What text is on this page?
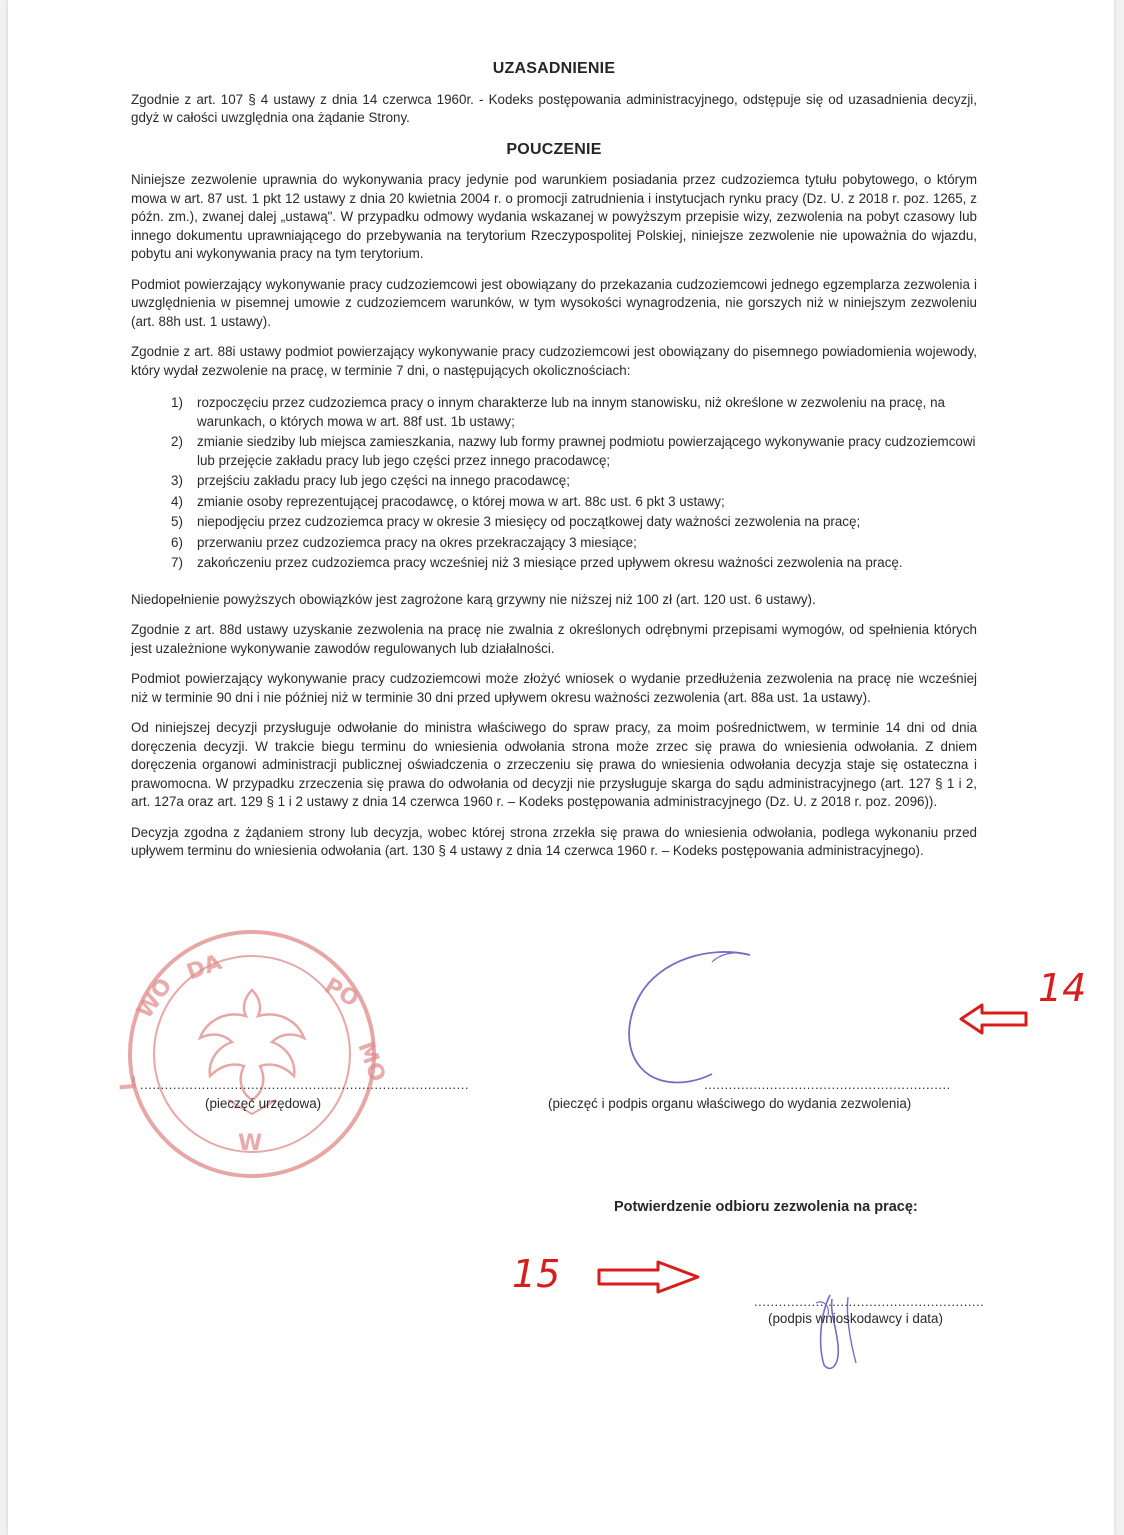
UZASADNIENIE

Zgodnie z art. 107 § 4 ustawy z dnia 14 czerwca 1960r. - Kodeks postępowania administracyjnego, odstępuje się od uzasadnienia decyzji, gdyż w całości uwzględnia ona żądanie Strony.

POUCZENIE

Niniejsze zezwolenie uprawnia do wykonywania pracy jedynie pod warunkiem posiadania przez cudzoziemca tytułu pobytowego, o którym mowa w art. 87 ust. 1 pkt 12 ustawy z dnia 20 kwietnia 2004 r. o promocji zatrudnienia i instytucjach rynku pracy (Dz. U. z 2018 r. poz. 1265, z późn. zm.), zwanej dalej „ustawą". W przypadku odmowy wydania wskazanej w powyższym przepisie wizy, zezwolenia na pobyt czasowy lub innego dokumentu uprawniającego do przebywania na terytorium Rzeczypospolitej Polskiej, niniejsze zezwolenie nie upoważnia do wjazdu, pobytu ani wykonywania pracy na tym terytorium.

Podmiot powierzający wykonywanie pracy cudzoziemcowi jest obowiązany do przekazania cudzoziemcowi jednego egzemplarza zezwolenia i uwzględnienia w pisemnej umowie z cudzoziemcem warunków, w tym wysokości wynagrodzenia, nie gorszych niż w niniejszym zezwoleniu (art. 88h ust. 1 ustawy).

Zgodnie z art. 88i ustawy podmiot powierzający wykonywanie pracy cudzoziemcowi jest obowiązany do pisemnego powiadomienia wojewody, który wydał zezwolenie na pracę, w terminie 7 dni, o następujących okolicznościach:

1) rozpoczęciu przez cudzoziemca pracy o innym charakterze lub na innym stanowisku, niż określone w zezwoleniu na pracę, na warunkach, o których mowa w art. 88f ust. 1b ustawy;
2) zmianie siedziby lub miejsca zamieszkania, nazwy lub formy prawnej podmiotu powierzającego wykonywanie pracy cudzoziemcowi lub przejęcie zakładu pracy lub jego części przez innego pracodawcę;
3) przejściu zakładu pracy lub jego części na innego pracodawcę;
4) zmianie osoby reprezentującej pracodawcę, o której mowa w art. 88c ust. 6 pkt 3 ustawy;
5) niepodjęciu przez cudzoziemca pracy w okresie 3 miesięcy od początkowej daty ważności zezwolenia na pracę;
6) przerwaniu przez cudzoziemca pracy na okres przekraczający 3 miesiące;
7) zakończeniu przez cudzoziemca pracy wcześniej niż 3 miesiące przed upływem okresu ważności zezwolenia na pracę.

Niedopełnienie powyższych obowiązków jest zagrożone karą grzywny nie niższej niż 100 zł (art. 120 ust. 6 ustawy).

Zgodnie z art. 88d ustawy uzyskanie zezwolenia na pracę nie zwalnia z określonych odrębnymi przepisami wymogów, od spełnienia których jest uzależnione wykonywanie zawodów regulowanych lub działalności.

Podmiot powierzający wykonywanie pracy cudzoziemcowi może złożyć wniosek o wydanie przedłużenia zezwolenia na pracę nie wcześniej niż w terminie 90 dni i nie później niż w terminie 30 dni przed upływem okresu ważności zezwolenia (art. 88a ust. 1a ustawy).

Od niniejszej decyzji przysługuje odwołanie do ministra właściwego do spraw pracy, za moim pośrednictwem, w terminie 14 dni od dnia doręczenia decyzji. W trakcie biegu terminu do wniesienia odwołania strona może zrzec się prawa do wniesienia odwołania. Z dniem doręczenia organowi administracji publicznej oświadczenia o zrzeczeniu się prawa do wniesienia odwołania decyzja staje się ostateczna i prawomocna. W przypadku zrzeczenia się prawa do odwołania od decyzji nie przysługuje skarga do sądu administracyjnego (art. 127 § 1 i 2, art. 127a oraz art. 129 § 1 i 2 ustawy z dnia 14 czerwca 1960 r. – Kodeks postępowania administracyjnego (Dz. U. z 2018 r. poz. 2096)).

Decyzja zgodna z żądaniem strony lub decyzja, wobec której strona zrzekła się prawa do wniesienia odwołania, podlega wykonaniu przed upływem terminu do wniesienia odwołania (art. 130 § 4 ustawy z dnia 14 czerwca 1960 r. – Kodeks postępowania administracyjnego).

WO
DA
PO
MO
L
W
................................................................................
(pieczęć urzędowa)
............................................................
(pieczęć i podpis organu właściwego do wydania zezwolenia)
14
Potwierdzenie odbioru zezwolenia na pracę:
15
........................................................
(podpis wnioskodawcy i data)
